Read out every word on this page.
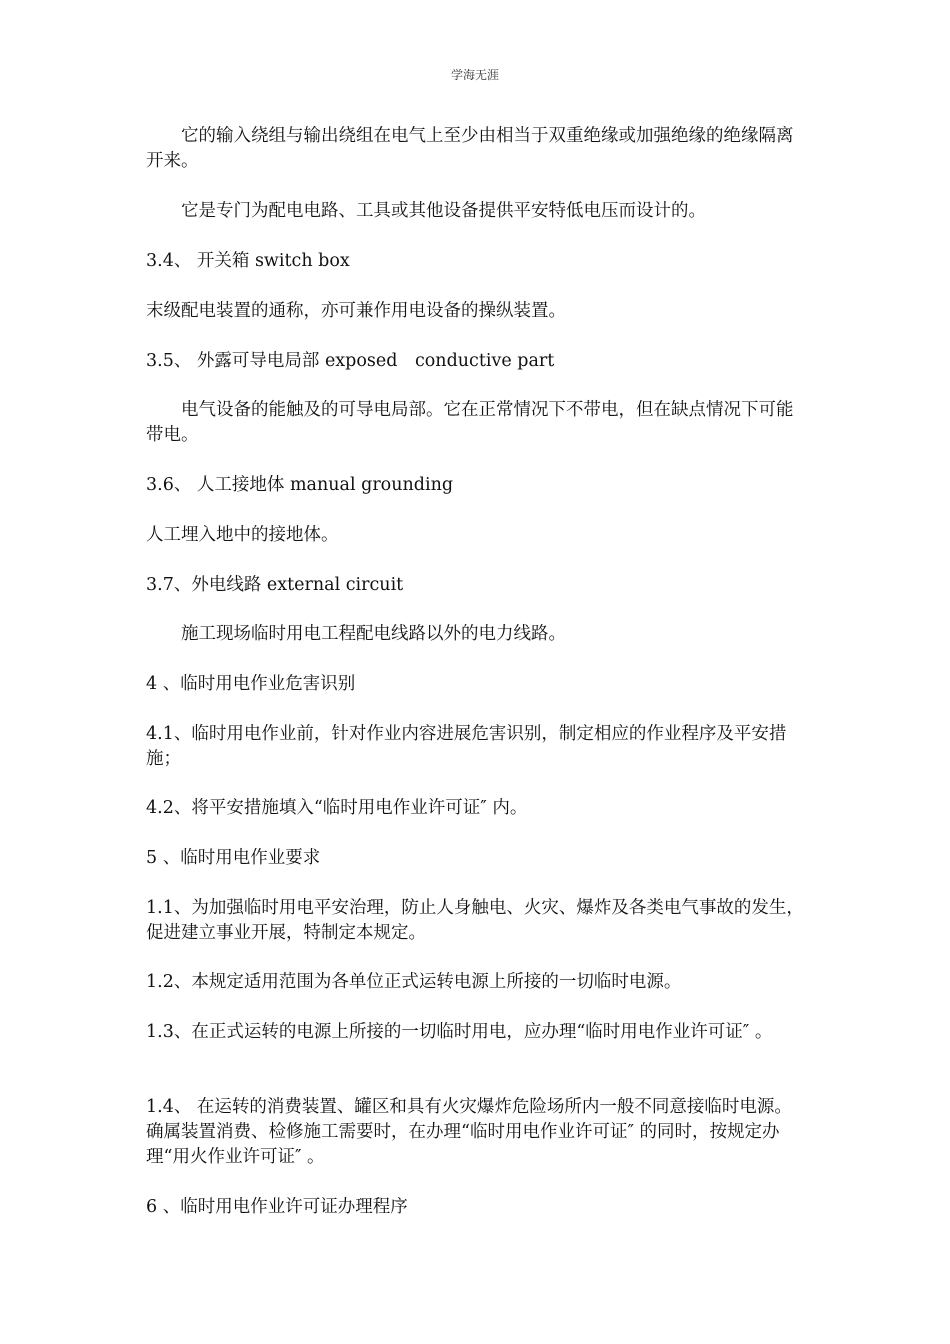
学海无涯

它的输入绕组与输出绕组在电气上至少由相当于双重绝缘或加强绝缘的绝缘隔离开来。

它是专门为配电电路、工具或其他设备提供平安特低电压而设计的。

3.4、 开关箱 switch box

末级配电装置的通称，亦可兼作用电设备的操纵装置。

3.5、 外露可导电局部 exposed　conductive part

电气设备的能触及的可导电局部。它在正常情况下不带电，但在缺点情况下可能带电。

3.6、 人工接地体 manual grounding

人工埋入地中的接地体。

3.7、外电线路 external circuit

施工现场临时用电工程配电线路以外的电力线路。

4 、临时用电作业危害识别

4.1、临时用电作业前，针对作业内容进展危害识别，制定相应的作业程序及平安措施；

4.2、将平安措施填入“临时用电作业许可证″ 内。

5 、临时用电作业要求

1.1、为加强临时用电平安治理，防止人身触电、火灾、爆炸及各类电气事故的发生，促进建立事业开展，特制定本规定。

1.2、本规定适用范围为各单位正式运转电源上所接的一切临时电源。

1.3、在正式运转的电源上所接的一切临时用电，应办理“临时用电作业许可证″ 。

1.4、 在运转的消费装置、罐区和具有火灾爆炸危险场所内一般不同意接临时电源。确属装置消费、检修施工需要时，在办理“临时用电作业许可证″ 的同时，按规定办理“用火作业许可证″ 。

6 、临时用电作业许可证办理程序
